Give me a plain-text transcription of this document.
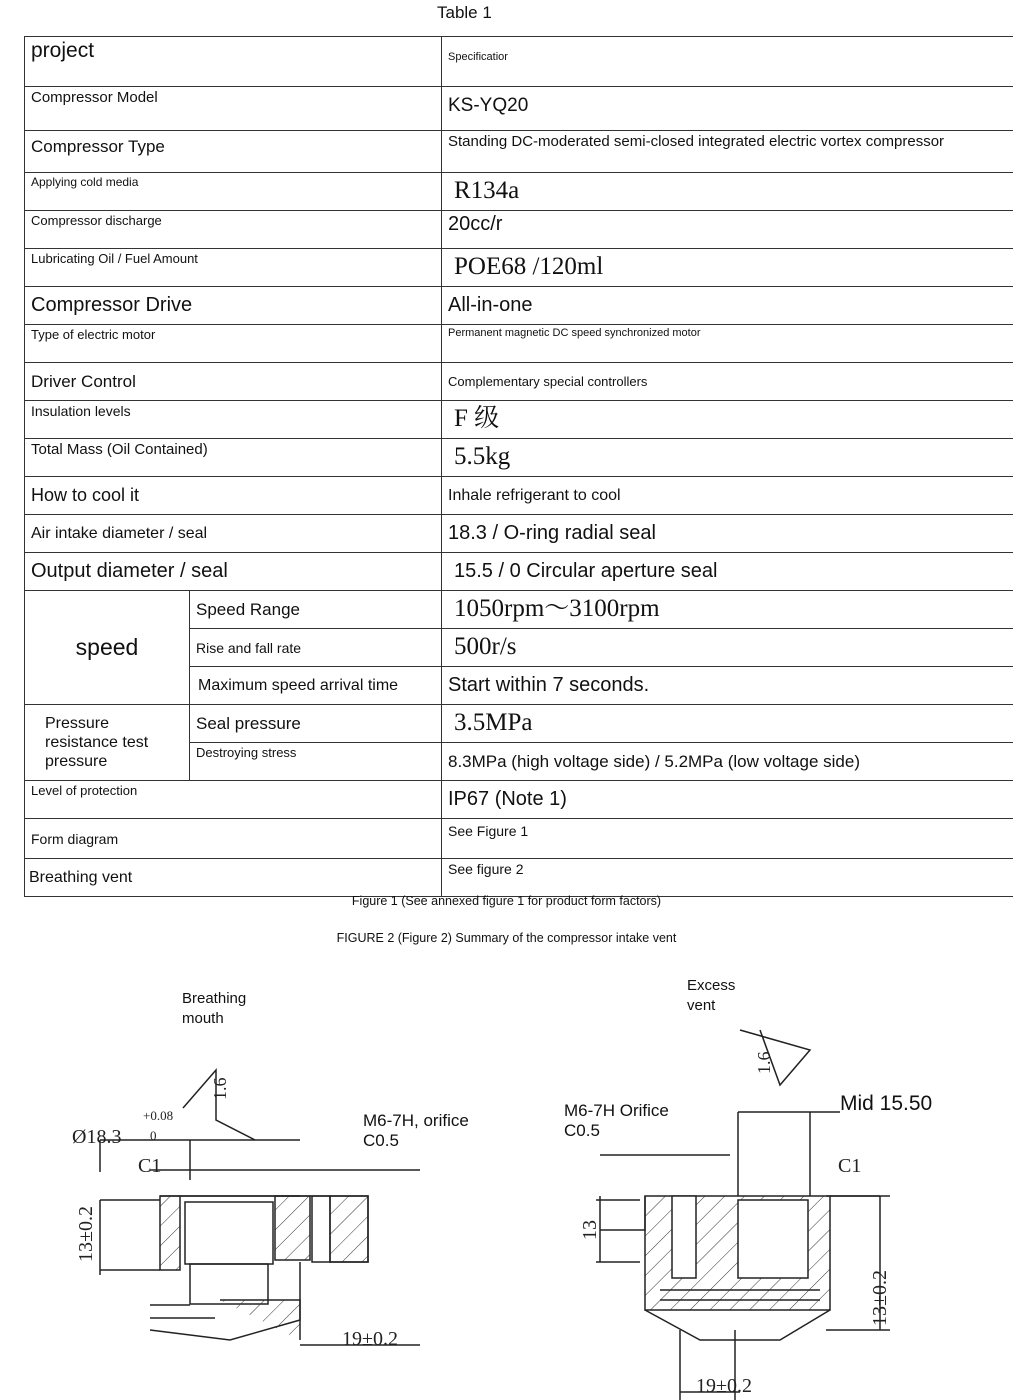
Table 1
project		Specificatior
Compressor Model		KS-YQ20
Compressor Type		Standing DC-moderated semi-closed integrated electric vortex compressor
Applying cold media		R134a
Compressor discharge		20cc/r
Lubricating Oil / Fuel Amount		POE68 /120ml
Compressor Drive		All-in-one
Type of electric motor		Permanent magnetic DC speed synchronized motor
Driver Control		Complementary special controllers
Insulation levels		F 级
Total Mass (Oil Contained)		5.5kg
How to cool it		Inhale refrigerant to cool
Air intake diameter / seal		18.3 / O-ring radial seal
Output diameter / seal		15.5 / 0 Circular aperture seal
speed	Speed Range	1050rpm～3100rpm
	Rise and fall rate	500r/s
	Maximum speed arrival time	Start within 7 seconds.
Pressure resistance test pressure	Seal pressure	3.5MPa
	Destroying stress	8.3MPa (high voltage side) / 5.2MPa (low voltage side)
Level of protection		IP67 (Note 1)
Form diagram		See Figure 1
Breathing vent		See figure 2
Figure 1 (See annexed figure 1 for product form factors)
FIGURE 2 (Figure 2) Summary of the compressor intake vent
Breathing mouth
Excess vent
M6-7H, orifice C0.5
M6-7H Orifice C0.5
Mid 15.50
1.6
Ø18.3
+0.08
0
C1
13±0.2
19±0.2
1.6
C1
13
13±0.2
19±0.2
